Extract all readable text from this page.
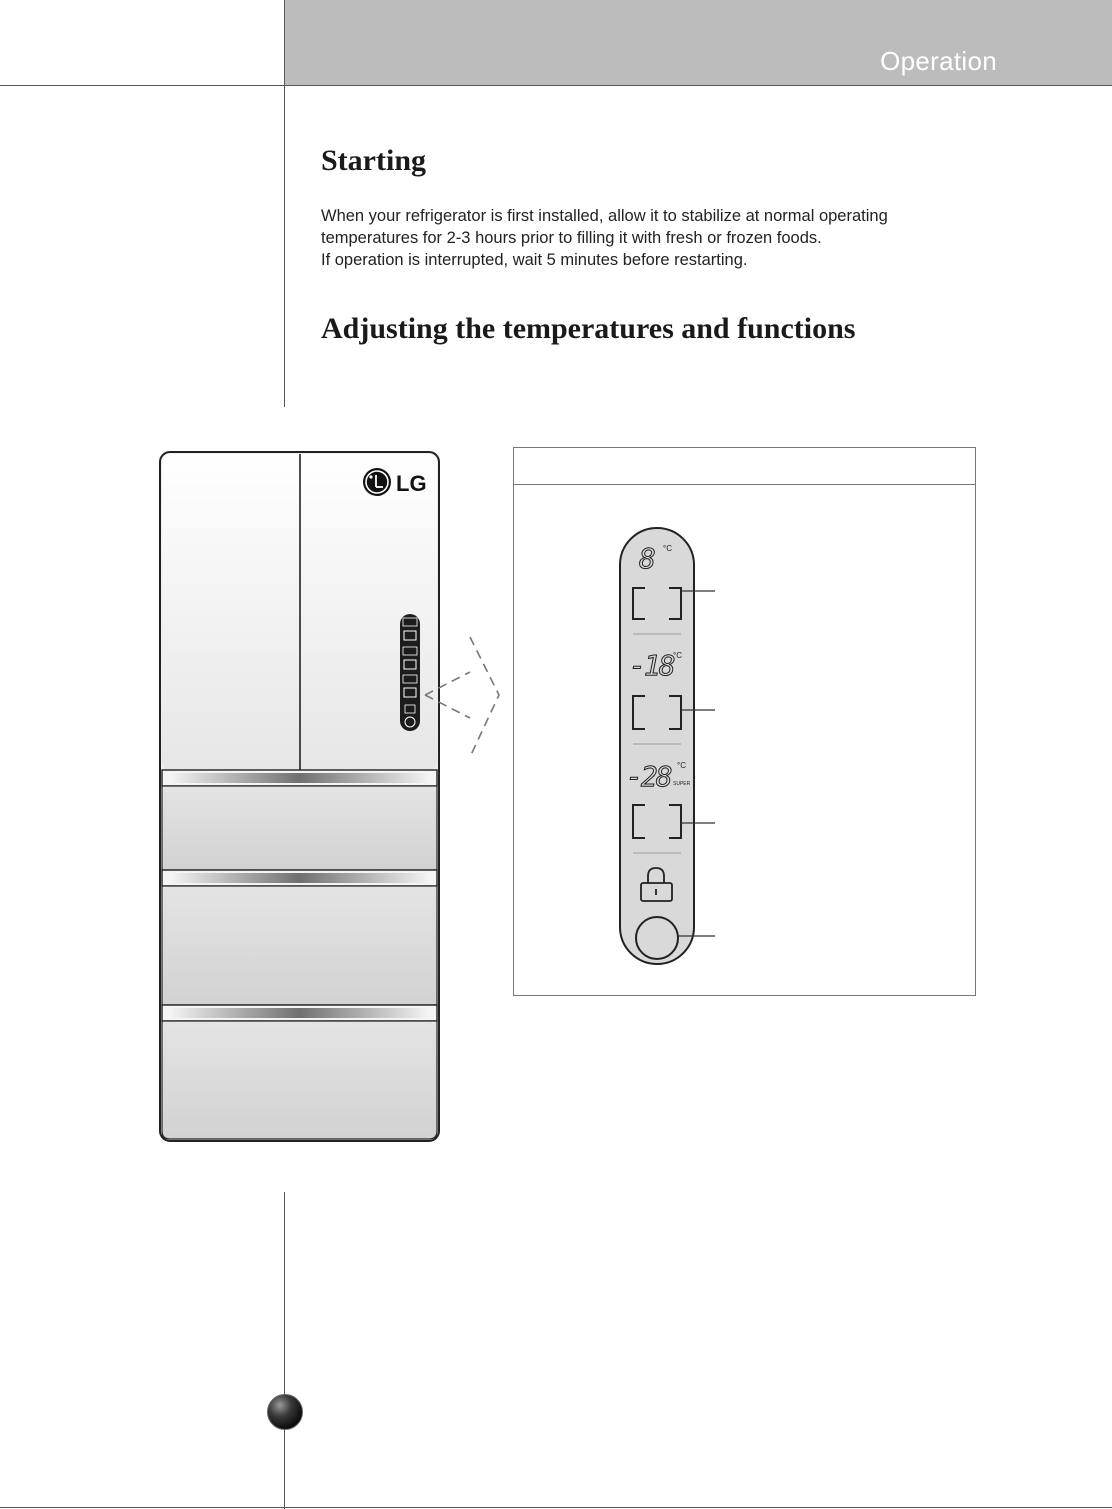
Operation
Starting

When your refrigerator is first installed, allow it to stabilize at normal operating
temperatures for 2-3 hours prior to filling it with fresh or frozen foods.
If operation is interrupted, wait 5 minutes before restarting.

Adjusting the temperatures and functions
LG
8 °C
-18 °C
-28 °C
SUPER
